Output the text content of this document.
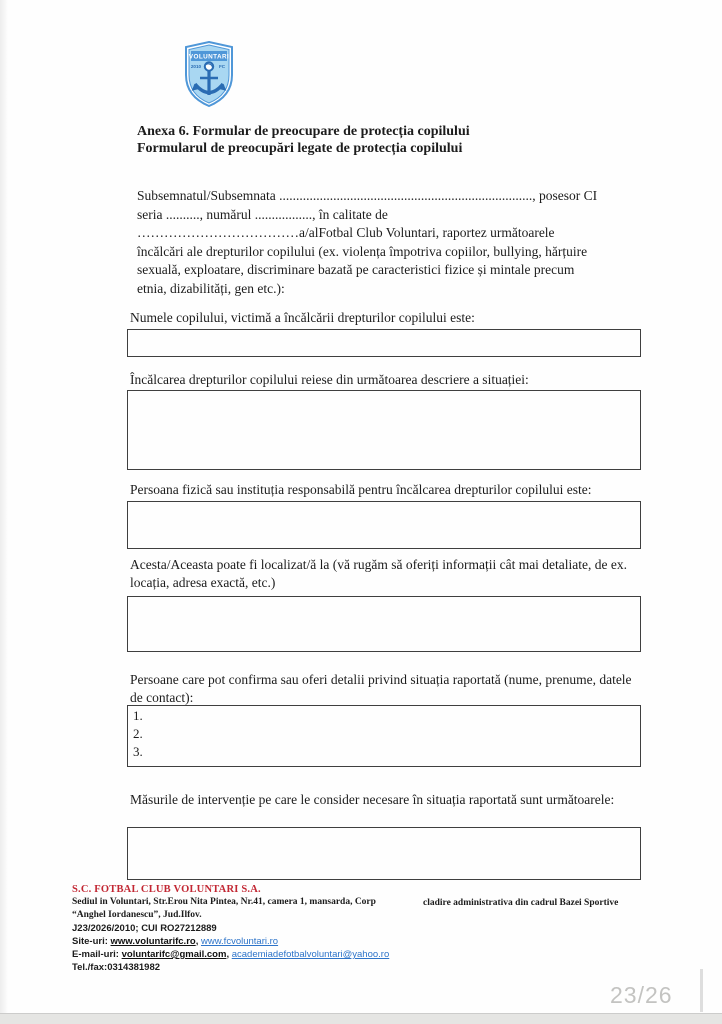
VOLUNTARI
2010	FC
Anexa 6. Formular de preocupare de protecția copilului
Formularul de preocupări legate de protecția copilului
Subsemnatul/Subsemnata ..........................................................................., posesor CI
seria .........., numărul ................., în calitate de
………………………………a/alFotbal Club Voluntari, raportez următoarele
încălcări ale drepturilor copilului (ex. violența împotriva copiilor, bullying, hărțuire
sexuală, exploatare, discriminare bazată pe caracteristici fizice și mintale precum
etnia, dizabilități, gen etc.):
Numele copilului, victimă a încălcării drepturilor copilului este:
Încălcarea drepturilor copilului reiese din următoarea descriere a situației:
Persoana fizică sau instituția responsabilă pentru încălcarea drepturilor copilului este:
Acesta/Aceasta poate fi localizat/ă la (vă rugăm să oferiți informații cât mai detaliate, de ex. locația, adresa exactă, etc.)
Persoane care pot confirma sau oferi detalii privind situația raportată (nume, prenume, datele de contact):
1.
2.
3.
Măsurile de intervenție pe care le consider necesare în situația raportată sunt următoarele:
S.C. FOTBAL CLUB VOLUNTARI S.A.
Sediul in Voluntari, Str.Erou Nita Pintea, Nr.41, camera 1, mansarda, Corp
“Anghel Iordanescu”, Jud.Ilfov.
J23/2026/2010; CUI RO27212889
Site-uri: www.voluntarifc.ro, www.fcvoluntari.ro
E-mail-uri: voluntarifc@gmail.com, academiadefotbalvoluntari@yahoo.ro
Tel./fax:0314381982
cladire administrativa din cadrul Bazei Sportive
23/26
